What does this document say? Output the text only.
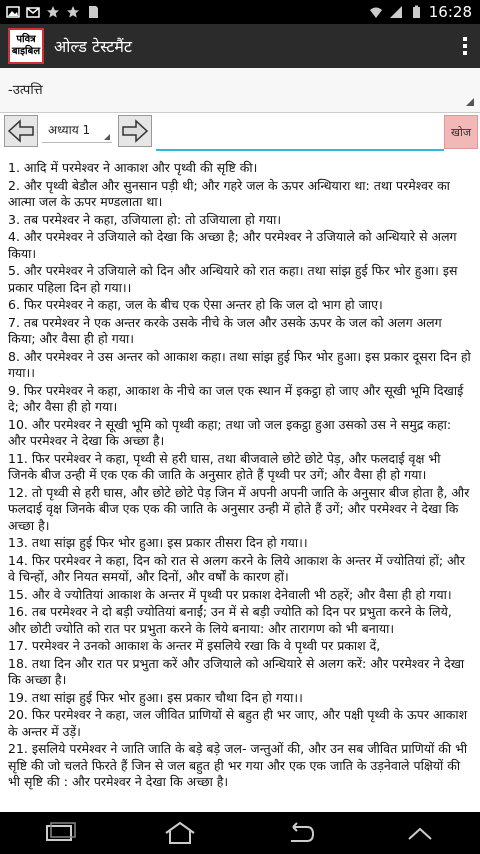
16:28
पवित्र
बाइबिल ओल्ड टेस्टमैंट
-उत्पत्ति
अध्याय 1	खोज

1. आदि में परमेश्वर ने आकाश और पृथ्वी की सृष्टि की।

2. और पृथ्वी बेडौल और सुनसान पड़ी थी; और गहरे जल के ऊपर अन्धियारा था: तथा परमेश्वर का आत्मा जल के ऊपर मण्डलाता था।

3. तब परमेश्वर ने कहा, उजियाला हो: तो उजियाला हो गया।

4. और परमेश्वर ने उजियाले को देखा कि अच्छा है; और परमेश्वर ने उजियाले को अन्धियारे से अलग किया।

5. और परमेश्वर ने उजियाले को दिन और अन्धियारे को रात कहा। तथा सांझ हुई फिर भोर हुआ। इस प्रकार पहिला दिन हो गया।।

6. फिर परमेश्वर ने कहा, जल के बीच एक ऐसा अन्तर हो कि जल दो भाग हो जाए।

7. तब परमेश्वर ने एक अन्तर करके उसके नीचे के जल और उसके ऊपर के जल को अलग अलग किया; और वैसा ही हो गया।

8. और परमेश्वर ने उस अन्तर को आकाश कहा। तथा सांझ हुई फिर भोर हुआ। इस प्रकार दूसरा दिन हो गया।।

9. फिर परमेश्वर ने कहा, आकाश के नीचे का जल एक स्थान में इकट्ठा हो जाए और सूखी भूमि दिखाई दे; और वैसा ही हो गया।

10. और परमेश्वर ने सूखी भूमि को पृथ्वी कहा; तथा जो जल इकट्ठा हुआ उसको उस ने समुद्र कहा: और परमेश्वर ने देखा कि अच्छा है।

11. फिर परमेश्वर ने कहा, पृथ्वी से हरी घास, तथा बीजवाले छोटे छोटे पेड़, और फलदाई वृक्ष भी जिनके बीज उन्ही में एक एक की जाति के अनुसार होते हैं पृथ्वी पर उगें; और वैसा ही हो गया।

12. तो पृथ्वी से हरी घास, और छोटे छोटे पेड़ जिन में अपनी अपनी जाति के अनुसार बीज होता है, और फलदाई वृक्ष जिनके बीज एक एक की जाति के अनुसार उन्ही में होते हैं उगें; और परमेश्वर ने देखा कि अच्छा है।

13. तथा सांझ हुई फिर भोर हुआ। इस प्रकार तीसरा दिन हो गया।।

14. फिर परमेश्वर ने कहा, दिन को रात से अलग करने के लिये आकाश के अन्तर में ज्योतियां हों; और वे चिन्हों, और नियत समयों, और दिनों, और वर्षों के कारण हों।

15. और वे ज्योतियां आकाश के अन्तर में पृथ्वी पर प्रकाश देनेवाली भी ठहरें; और वैसा ही हो गया।

16. तब परमेश्वर ने दो बड़ी ज्योतियां बनाईं; उन में से बड़ी ज्योति को दिन पर प्रभुता करने के लिये, और छोटी ज्योति को रात पर प्रभुता करने के लिये बनाया: और तारागण को भी बनाया।

17. परमेश्वर ने उनको आकाश के अन्तर में इसलिये रखा कि वे पृथ्वी पर प्रकाश दें,

18. तथा दिन और रात पर प्रभुता करें और उजियाले को अन्धियारे से अलग करें: और परमेश्वर ने देखा कि अच्छा है।

19. तथा सांझ हुई फिर भोर हुआ। इस प्रकार चौथा दिन हो गया।।

20. फिर परमेश्वर ने कहा, जल जीवित प्राणियों से बहुत ही भर जाए, और पक्षी पृथ्वी के ऊपर आकाश के अन्तर में उड़ें।

21. इसलिये परमेश्वर ने जाति जाति के बड़े बड़े जल- जन्तुओं की, और उन सब जीवित प्राणियों की भी सृष्टि की जो चलते फिरते हैं जिन से जल बहुत ही भर गया और एक एक जाति के उड़नेवाले पक्षियों की भी सृष्टि की : और परमेश्वर ने देखा कि अच्छा है।
